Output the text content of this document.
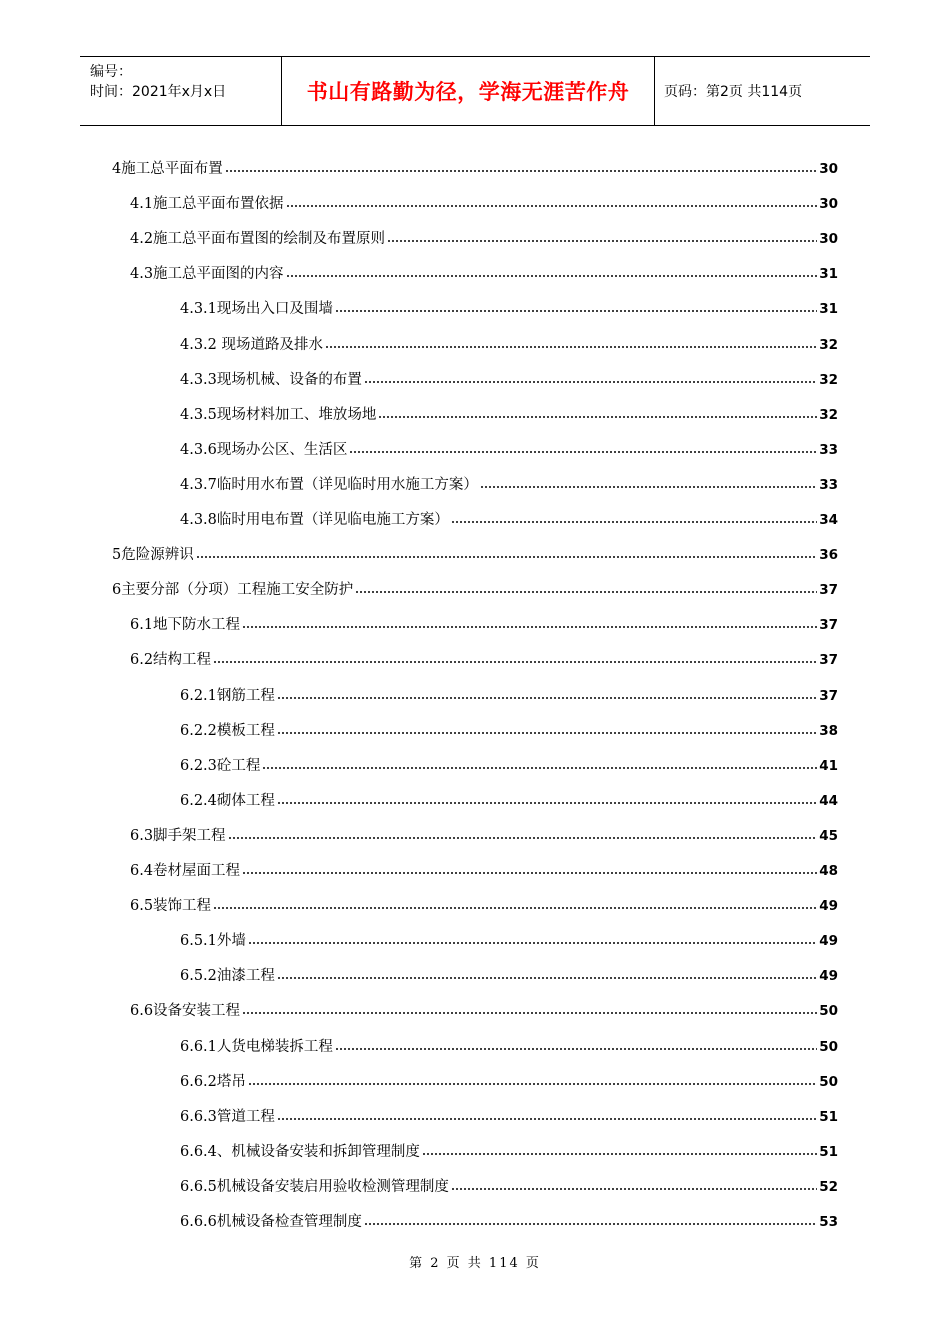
编号：
时间：2021年x月x日	书山有路勤为径，学海无涯苦作舟 页码：第2页 共114页
4施工总平面布置	30
4.1施工总平面布置依据	30
4.2施工总平面布置图的绘制及布置原则	30
4.3施工总平面图的内容	31
4.3.1现场出入口及围墙	31
4.3.2 现场道路及排水	32
4.3.3现场机械、设备的布置	32
4.3.5现场材料加工、堆放场地	32
4.3.6现场办公区、生活区	33
4.3.7临时用水布置（详见临时用水施工方案）	33
4.3.8临时用电布置（详见临电施工方案）	34
5危险源辨识	36
6主要分部（分项）工程施工安全防护	37
6.1地下防水工程	37
6.2结构工程	37
6.2.1钢筋工程	37
6.2.2模板工程	38
6.2.3砼工程	41
6.2.4砌体工程	44
6.3脚手架工程	45
6.4卷材屋面工程	48
6.5装饰工程	49
6.5.1外墙	49
6.5.2油漆工程	49
6.6设备安装工程	50
6.6.1人货电梯装拆工程	50
6.6.2塔吊	50
6.6.3管道工程	51
6.6.4、机械设备安装和拆卸管理制度	51
6.6.5机械设备安装启用验收检测管理制度	52
6.6.6机械设备检查管理制度	53
第 2 页 共 114 页
